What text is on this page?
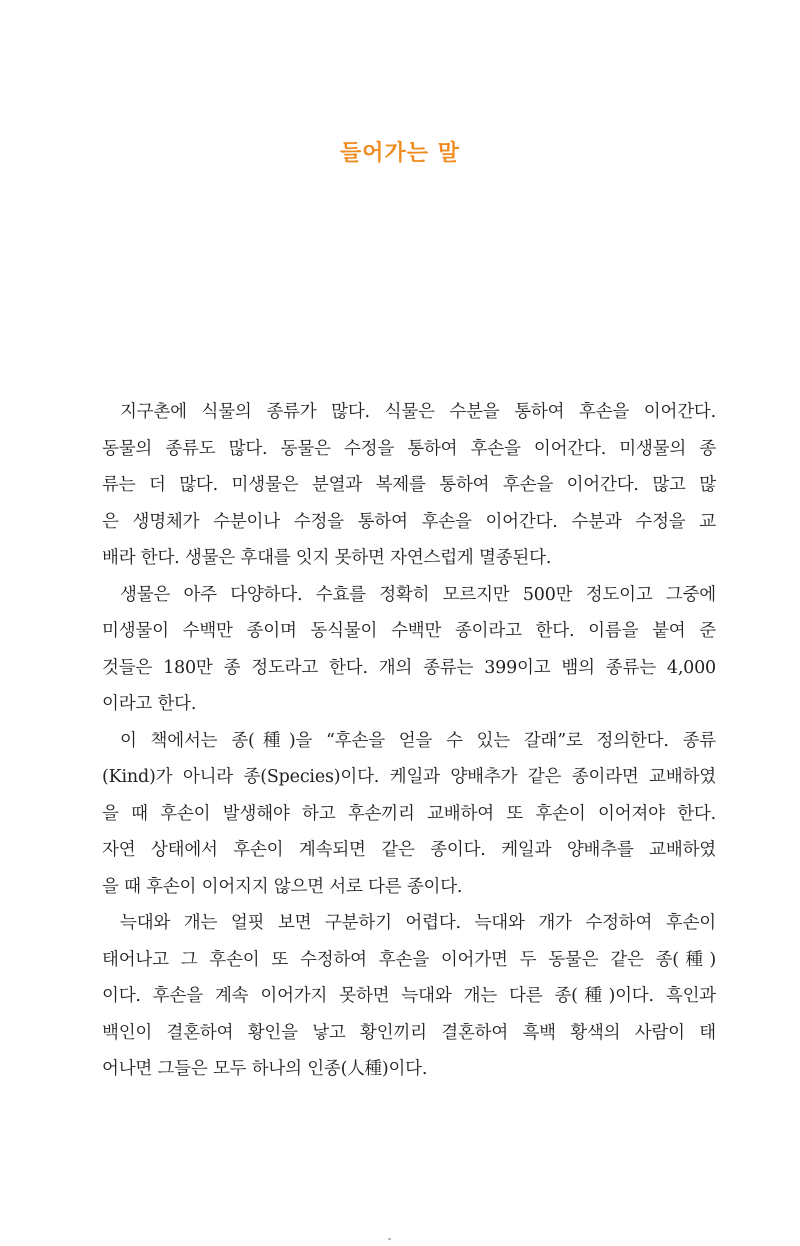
들어가는 말
지구촌에 식물의 종류가 많다. 식물은 수분을 통하여 후손을 이어간다.
동물의 종류도 많다. 동물은 수정을 통하여 후손을 이어간다. 미생물의 종
류는 더 많다. 미생물은 분열과 복제를 통하여 후손을 이어간다. 많고 많
은 생명체가 수분이나 수정을 통하여 후손을 이어간다. 수분과 수정을 교
배라 한다. 생물은 후대를 잇지 못하면 자연스럽게 멸종된다.
생물은 아주 다양하다. 수효를 정확히 모르지만 500만 정도이고 그중에
미생물이 수백만 종이며 동식물이 수백만 종이라고 한다. 이름을 붙여 준
것들은 180만 종 정도라고 한다. 개의 종류는 399이고 뱀의 종류는 4,000
이라고 한다.
이 책에서는 종(種)을 “후손을 얻을 수 있는 갈래”로 정의한다. 종류
(Kind)가 아니라 종(Species)이다. 케일과 양배추가 같은 종이라면 교배하였
을 때 후손이 발생해야 하고 후손끼리 교배하여 또 후손이 이어져야 한다.
자연 상태에서 후손이 계속되면 같은 종이다. 케일과 양배추를 교배하였
을 때 후손이 이어지지 않으면 서로 다른 종이다.
늑대와 개는 얼핏 보면 구분하기 어렵다. 늑대와 개가 수정하여 후손이
태어나고 그 후손이 또 수정하여 후손을 이어가면 두 동물은 같은 종(種)
이다. 후손을 계속 이어가지 못하면 늑대와 개는 다른 종(種)이다. 흑인과
백인이 결혼하여 황인을 낳고 황인끼리 결혼하여 흑백 황색의 사람이 태
어나면 그들은 모두 하나의 인종(人種)이다.
